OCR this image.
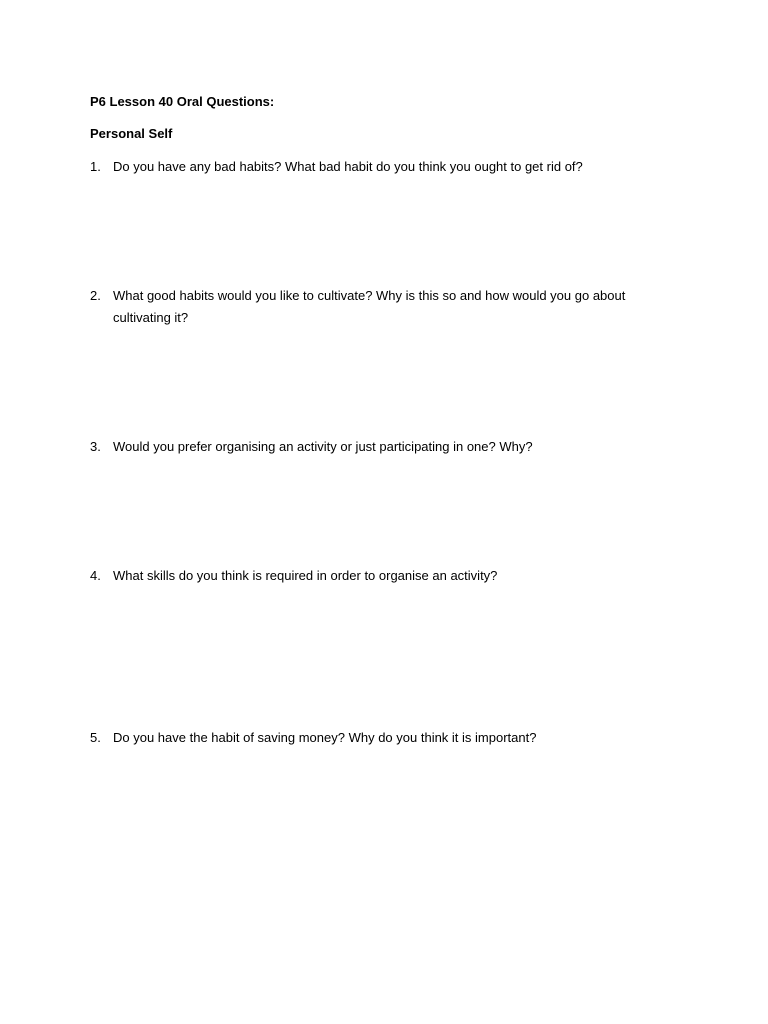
P6 Lesson 40 Oral Questions:
Personal Self
1. Do you have any bad habits? What bad habit do you think you ought to get rid of?
2. What good habits would you like to cultivate? Why is this so and how would you go about cultivating it?
3. Would you prefer organising an activity or just participating in one? Why?
4. What skills do you think is required in order to organise an activity?
5. Do you have the habit of saving money? Why do you think it is important?
